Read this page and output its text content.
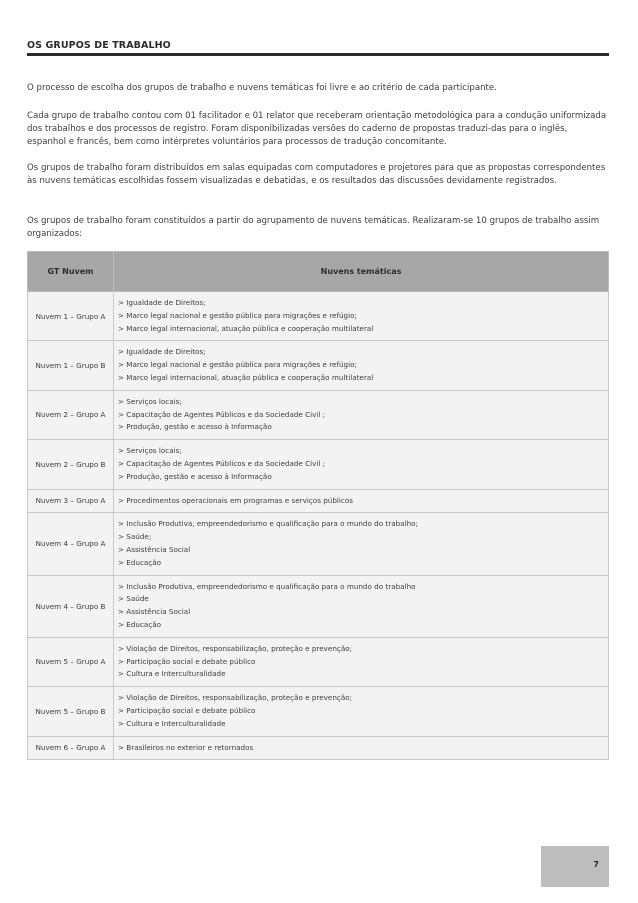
OS GRUPOS DE TRABALHO

O processo de escolha dos grupos de trabalho e nuvens temáticas foi livre e ao critério de cada participante.

Cada grupo de trabalho contou com 01 facilitador e 01 relator que receberam orientação metodológica para a condução uniformizada dos trabalhos e dos processos de registro. Foram disponibilizadas versões do caderno de propostas traduzi-das para o inglês, espanhol e francês, bem como intérpretes voluntários para processos de tradução concomitante.

Os grupos de trabalho foram distribuídos em salas equipadas com computadores e projetores para que as propostas correspondentes às nuvens temáticas escolhidas fossem visualizadas e debatidas, e os resultados das discussões devidamente registrados.

Os grupos de trabalho foram constituídos a partir do agrupamento de nuvens temáticas. Realizaram-se 10 grupos de trabalho assim organizados:

GT Nuvem	Nuvens temáticas
Nuvem 1 – Grupo A	> Igualdade de Direitos;
> Marco legal nacional e gestão pública para migrações e refúgio;
> Marco legal internacional, atuação pública e cooperação multilateral

Nuvem 1 – Grupo B	> Igualdade de Direitos;
> Marco legal nacional e gestão pública para migrações e refúgio;
> Marco legal internacional, atuação pública e cooperação multilateral

Nuvem 2 – Grupo A	> Serviços locais;
> Capacitação de Agentes Públicos e da Sociedade Civil ;
> Produção, gestão e acesso à Informação

Nuvem 2 – Grupo B	> Serviços locais;
> Capacitação de Agentes Públicos e da Sociedade Civil ;
> Produção, gestão e acesso à Informação

Nuvem 3 – Grupo A	> Procedimentos operacionais em programas e serviços públicos

Nuvem 4 – Grupo A	> Inclusão Produtiva, empreendedorismo e qualificação para o mundo do trabalho;
> Saúde;
> Assistência Social
> Educação

Nuvem 4 – Grupo B	> Inclusão Produtiva, empreendedorismo e qualificação para o mundo do trabalho
> Saúde
> Assistência Social
> Educação

Nuvem 5 – Grupo A	> Violação de Direitos, responsabilização, proteção e prevenção;
> Participação social e debate público
> Cultura e Interculturalidade

Nuvem 5 – Grupo B	> Violação de Direitos, responsabilização, proteção e prevenção;
> Participação social e debate público
> Cultura e Interculturalidade

Nuvem 6 – Grupo A	> Brasileiros no exterior e retornados
7
